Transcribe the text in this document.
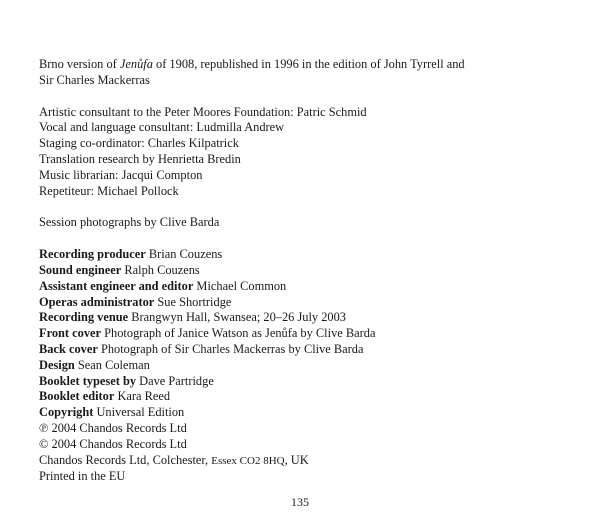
Brno version of Jenůfa of 1908, republished in 1996 in the edition of John Tyrrell and
Sir Charles Mackerras
Artistic consultant to the Peter Moores Foundation: Patric Schmid
Vocal and language consultant: Ludmilla Andrew
Staging co-ordinator: Charles Kilpatrick
Translation research by Henrietta Bredin
Music librarian: Jacqui Compton
Repetiteur: Michael Pollock
Session photographs by Clive Barda
Recording producer Brian Couzens
Sound engineer Ralph Couzens
Assistant engineer and editor Michael Common
Operas administrator Sue Shortridge
Recording venue Brangwyn Hall, Swansea; 20–26 July 2003
Front cover Photograph of Janice Watson as Jenůfa by Clive Barda
Back cover Photograph of Sir Charles Mackerras by Clive Barda
Design Sean Coleman
Booklet typeset by Dave Partridge
Booklet editor Kara Reed
Copyright Universal Edition
℗ 2004 Chandos Records Ltd
© 2004 Chandos Records Ltd
Chandos Records Ltd, Colchester, Essex CO2 8HQ, UK
Printed in the EU
135
